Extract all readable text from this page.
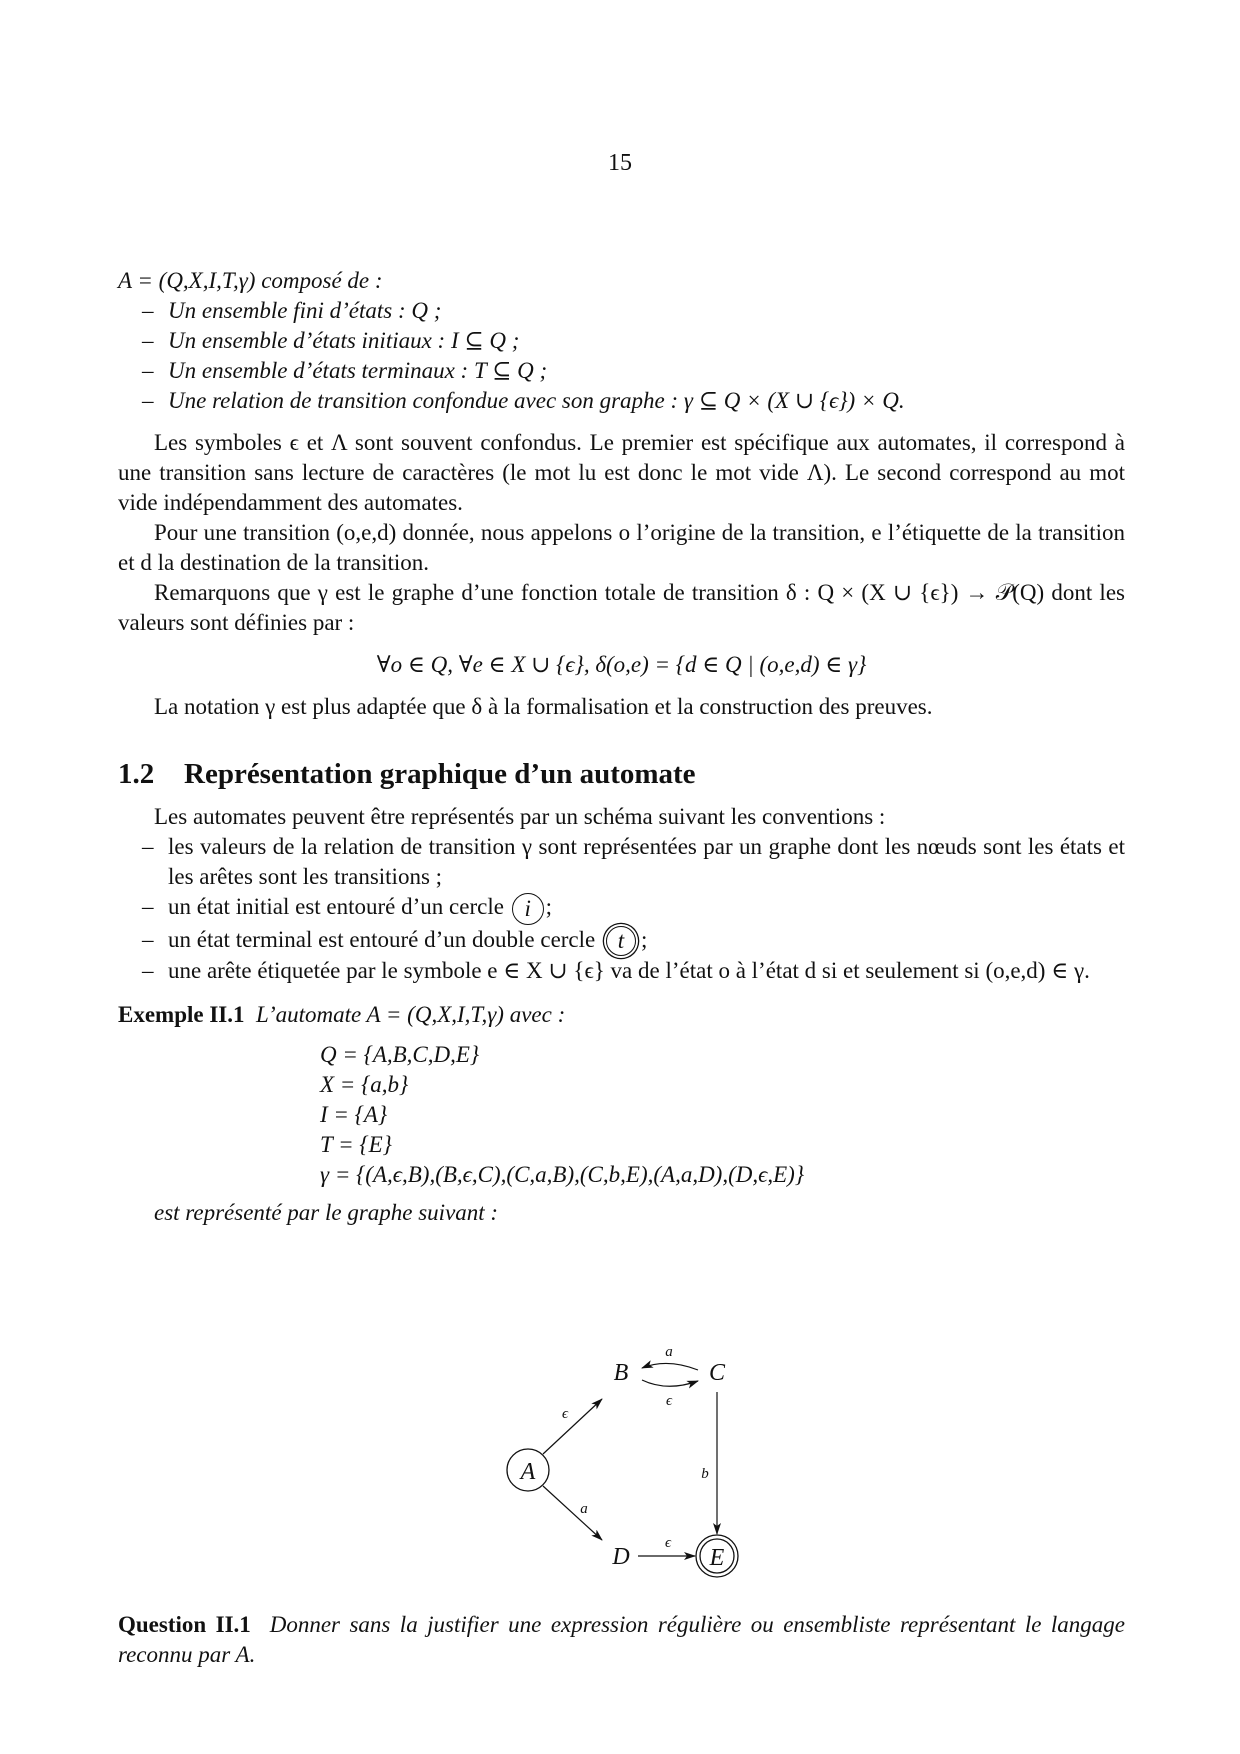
15

A = (Q,X,I,T,γ) composé de :

– Un ensemble fini d’états : Q ;
– Un ensemble d’états initiaux : I ⊆ Q ;
– Un ensemble d’états terminaux : T ⊆ Q ;
– Une relation de transition confondue avec son graphe : γ ⊆ Q × (X ∪ {ϵ}) × Q.

Les symboles ϵ et Λ sont souvent confondus. Le premier est spécifique aux automates, il correspond à une transition sans lecture de caractères (le mot lu est donc le mot vide Λ). Le second correspond au mot vide indépendamment des automates.

Pour une transition (o,e,d) donnée, nous appelons o l’origine de la transition, e l’étiquette de la transition et d la destination de la transition.

Remarquons que γ est le graphe d’une fonction totale de transition δ : Q × (X ∪ {ϵ}) → 𝒫(Q) dont les valeurs sont définies par :

∀o ∈ Q, ∀e ∈ X ∪ {ϵ}, δ(o,e) = {d ∈ Q | (o,e,d) ∈ γ}

La notation γ est plus adaptée que δ à la formalisation et la construction des preuves.

1.2 Représentation graphique d’un automate

Les automates peuvent être représentés par un schéma suivant les conventions :

– les valeurs de la relation de transition γ sont représentées par un graphe dont les nœuds sont les états et les arêtes sont les transitions ;
– un état initial est entouré d’un cercle i ;
– un état terminal est entouré d’un double cercle t ;
– une arête étiquetée par le symbole e ∈ X ∪ {ϵ} va de l’état o à l’état d si et seulement si (o,e,d) ∈ γ.
Exemple II.1 L’automate A = (Q,X,I,T,γ) avec :
Q = {A,B,C,D,E}
X = {a,b}
I = {A}
T = {E}
γ = {(A,ϵ,B),(B,ϵ,C),(C,a,B),(C,b,E),(A,a,D),(D,ϵ,E)}
est représenté par le graphe suivant :
A
B	C
D	E
ϵ
a
a
ϵ
b
ϵ
Question II.1 Donner sans la justifier une expression régulière ou ensembliste représentant le langage reconnu par A.
